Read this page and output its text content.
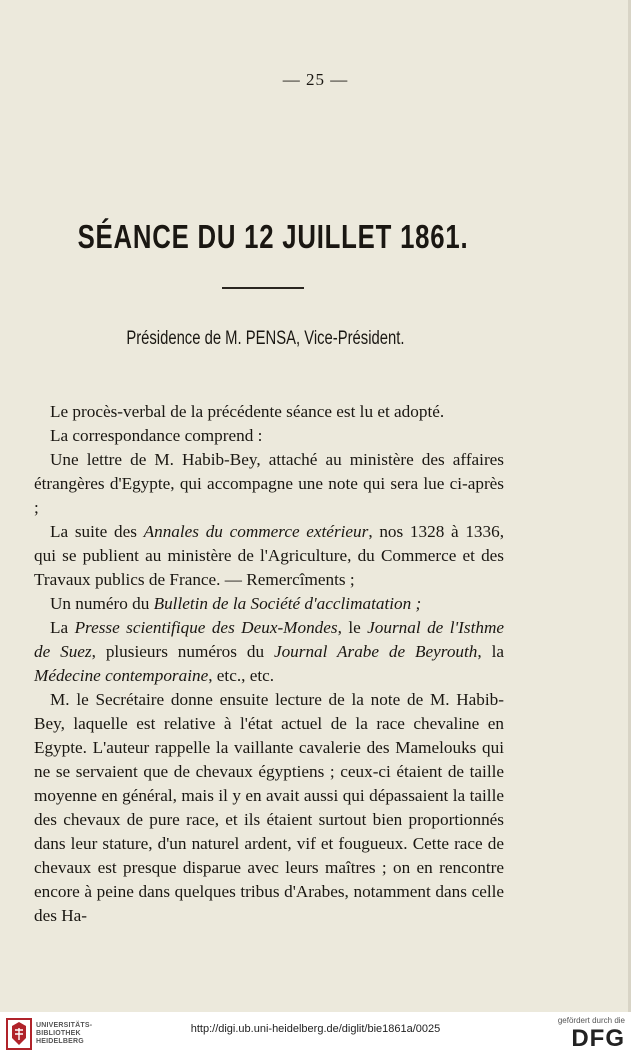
— 25 —
SÉANCE DU 12 JUILLET 1861.
Présidence de M. PENSA, Vice-Président.

Le procès-verbal de la précédente séance est lu et adopté.

La correspondance comprend :

Une lettre de M. Habib-Bey, attaché au ministère des affaires étrangères d'Egypte, qui accompagne une note qui sera lue ci-après ;

La suite des Annales du commerce extérieur, nos 1328 à 1336, qui se publient au ministère de l'Agriculture, du Commerce et des Travaux publics de France. — Remercîments ;

Un numéro du Bulletin de la Société d'acclimatation ;

La Presse scientifique des Deux-Mondes, le Journal de l'Isthme de Suez, plusieurs numéros du Journal Arabe de Beyrouth, la Médecine contemporaine, etc., etc.

M. le Secrétaire donne ensuite lecture de la note de M. Habib-Bey, laquelle est relative à l'état actuel de la race chevaline en Egypte. L'auteur rappelle la vaillante cavalerie des Mamelouks qui ne se servaient que de chevaux égyptiens ; ceux-ci étaient de taille moyenne en général, mais il y en avait aussi qui dépassaient la taille des chevaux de pure race, et ils étaient surtout bien proportionnés dans leur stature, d'un naturel ardent, vif et fougueux. Cette race de chevaux est presque disparue avec leurs maîtres ; on en rencontre encore à peine dans quelques tribus d'Arabes, notamment dans celle des Ha-

UNIVERSITÄTS-
BIBLIOTHEK
HEIDELBERG
http://digi.ub.uni-heidelberg.de/diglit/bie1861a/0025
gefördert durch die
DFG
